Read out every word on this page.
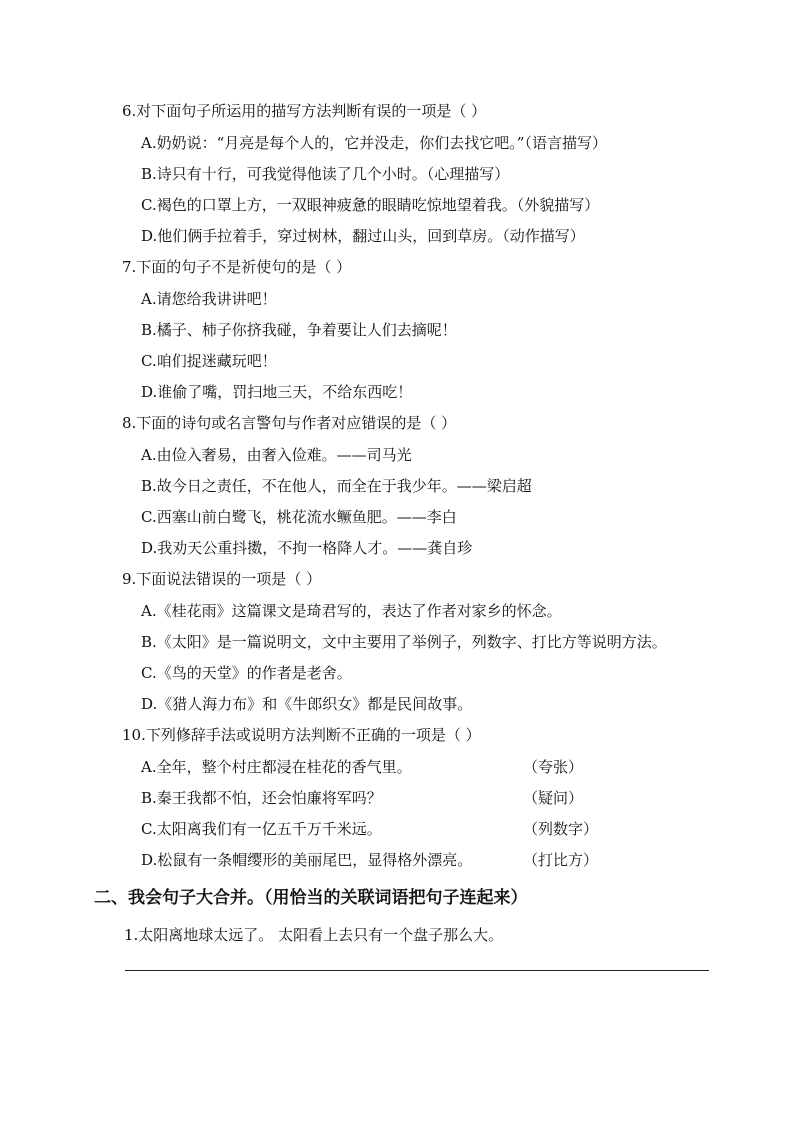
6.对下面句子所运用的描写方法判断有误的一项是（ ）
A.奶奶说：“月亮是每个人的，它并没走，你们去找它吧。”（语言描写）
B.诗只有十行，可我觉得他读了几个小时。（心理描写）
C.褐色的口罩上方，一双眼神疲惫的眼睛吃惊地望着我。（外貌描写）
D.他们俩手拉着手，穿过树林，翻过山头，回到草房。（动作描写）
7.下面的句子不是祈使句的是（ ）
A.请您给我讲讲吧！
B.橘子、柿子你挤我碰，争着要让人们去摘呢！
C.咱们捉迷藏玩吧！
D.谁偷了嘴，罚扫地三天，不给东西吃！
8.下面的诗句或名言警句与作者对应错误的是（ ）
A.由俭入奢易，由奢入俭难。——司马光
B.故今日之责任，不在他人，而全在于我少年。——梁启超
C.西塞山前白鹭飞，桃花流水鳜鱼肥。——李白
D.我劝天公重抖擞，不拘一格降人才。——龚自珍
9.下面说法错误的一项是（ ）
A.《桂花雨》这篇课文是琦君写的，表达了作者对家乡的怀念。
B.《太阳》是一篇说明文，文中主要用了举例子，列数字、打比方等说明方法。
C.《鸟的天堂》的作者是老舍。
D.《猎人海力布》和《牛郎织女》都是民间故事。
10.下列修辞手法或说明方法判断不正确的一项是（ ）
A.全年，整个村庄都浸在桂花的香气里。	（夸张）
B.秦王我都不怕，还会怕廉将军吗？	（疑问）
C.太阳离我们有一亿五千万千米远。	（列数字）
D.松鼠有一条帽缨形的美丽尾巴，显得格外漂亮。	（打比方）
二、我会句子大合并。（用恰当的关联词语把句子连起来）
1.太阳离地球太远了。 太阳看上去只有一个盘子那么大。
